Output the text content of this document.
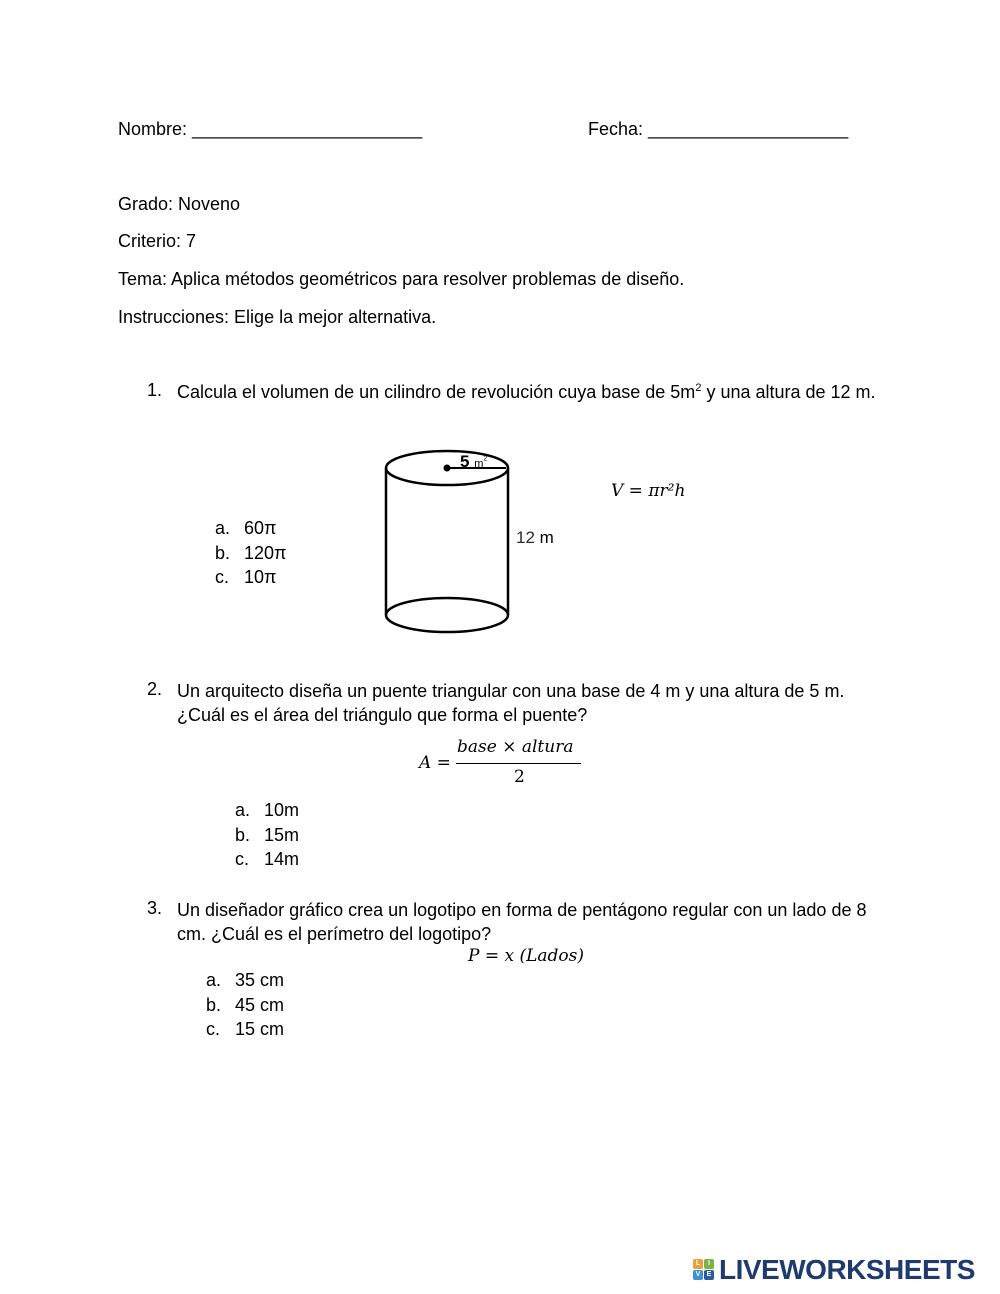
Nombre: _______________________	Fecha: ____________________
Grado: Noveno
Criterio: 7
Tema: Aplica métodos geométricos para resolver problemas de diseño.
Instrucciones: Elige la mejor alternativa.
1. Calcula el volumen de un cilindro de revolución cuya base de $5m^2$ y una altura de 12 m.
a. 60π
b. 120π
c. 10π
5 $m^2$
12 m
V = πr²h
2. Un arquitecto diseña un puente triangular con una base de 4 m y una altura de 5 m. ¿Cuál es el área del triángulo que forma el puente?
A =
base × altura
2
a. 10m
b. 15m
c. 14m
3. Un diseñador gráfico crea un logotipo en forma de pentágono regular con un lado de 8 cm. ¿Cuál es el perímetro del logotipo?
P = x (Lados)
a. 35 cm
b. 45 cm
c. 15 cm
L	I
V E LIVEWORKSHEETS
